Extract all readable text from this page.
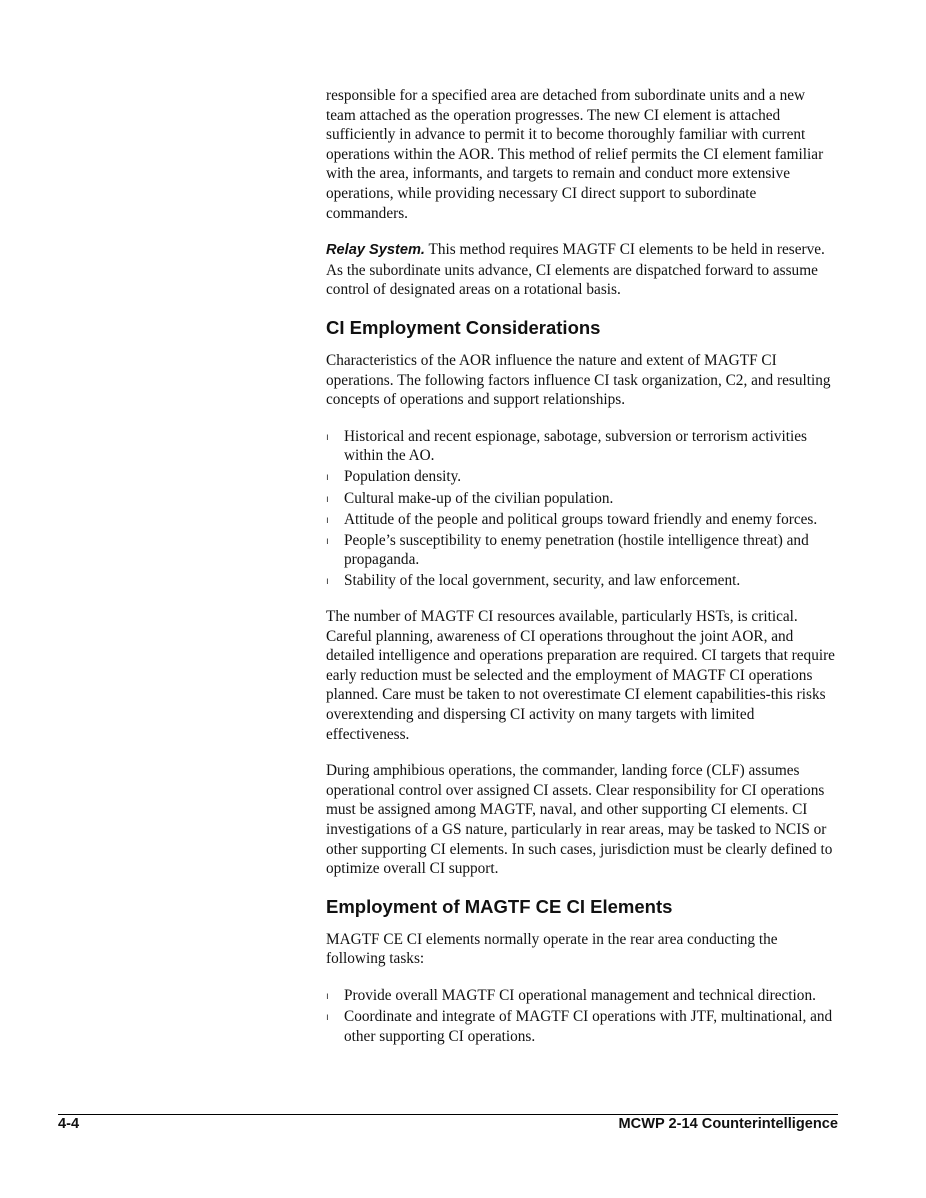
responsible for a specified area are detached from subordinate units and a new team attached as the operation progresses. The new CI element is attached sufficiently in advance to permit it to become thoroughly familiar with current operations within the AOR. This method of relief permits the CI element familiar with the area, informants, and targets to remain and conduct more extensive operations, while providing necessary CI direct support to subordinate commanders.

Relay System. This method requires MAGTF CI elements to be held in reserve. As the subordinate units advance, CI elements are dispatched forward to assume control of designated areas on a rotational basis.

CI Employment Considerations

Characteristics of the AOR influence the nature and extent of MAGTF CI operations. The following factors influence CI task organization, C2, and resulting concepts of operations and support relationships.

ı Historical and recent espionage, sabotage, subversion or terrorism activities within the AO.
ı Population density.
ı Cultural make-up of the civilian population.
ı Attitude of the people and political groups toward friendly and enemy forces.
ı People’s susceptibility to enemy penetration (hostile intelligence threat) and propaganda.
ı Stability of the local government, security, and law enforcement.

The number of MAGTF CI resources available, particularly HSTs, is critical. Careful planning, awareness of CI operations throughout the joint AOR, and detailed intelligence and operations preparation are required. CI targets that require early reduction must be selected and the employment of MAGTF CI operations planned. Care must be taken to not overestimate CI element capabilities-this risks overextending and dispersing CI activity on many targets with limited effectiveness.

During amphibious operations, the commander, landing force (CLF) assumes operational control over assigned CI assets. Clear responsibility for CI operations must be assigned among MAGTF, naval, and other supporting CI elements. CI investigations of a GS nature, particularly in rear areas, may be tasked to NCIS or other supporting CI elements. In such cases, jurisdiction must be clearly defined to optimize overall CI support.

Employment of MAGTF CE CI Elements

MAGTF CE CI elements normally operate in the rear area conducting the following tasks:

ı Provide overall MAGTF CI operational management and technical direction.
ı Coordinate and integrate of MAGTF CI operations with JTF, multinational, and other supporting CI operations.
4-4	MCWP 2-14 Counterintelligence
